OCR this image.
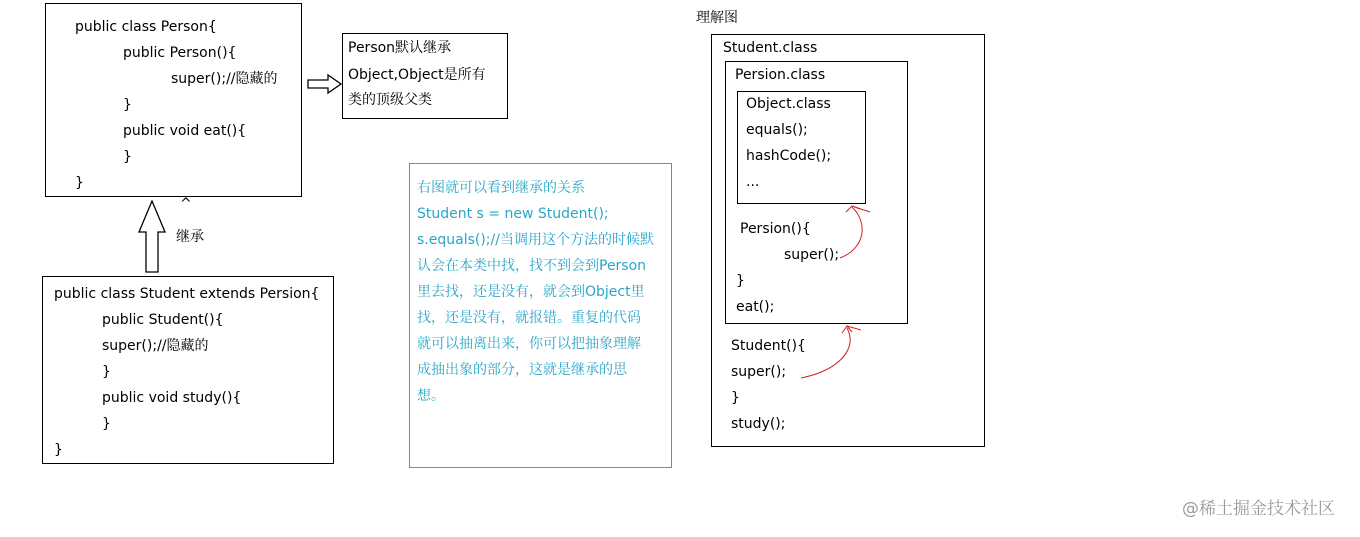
public class Person{
public Person(){
super();//隐藏的
}
public void eat(){
}
}
^
public class Student extends Persion{
public Student(){
super();//隐藏的
}
public void study(){
}
}
继承
Person默认继承
Object,Object是所有
类的顶级父类
右图就可以看到继承的关系
Student s = new Student();
s.equals();//当调用这个方法的时候默
认会在本类中找，找不到会到Person
里去找，还是没有，就会到Object里
找，还是没有，就报错。重复的代码
就可以抽离出来，你可以把抽象理解
成抽出象的部分，这就是继承的思
想。
理解图
Student.class
Student(){
super();
}
study();
Persion.class
Persion(){
super();
}
eat();
Object.class
equals();
hashCode();
...
@稀土掘金技术社区
